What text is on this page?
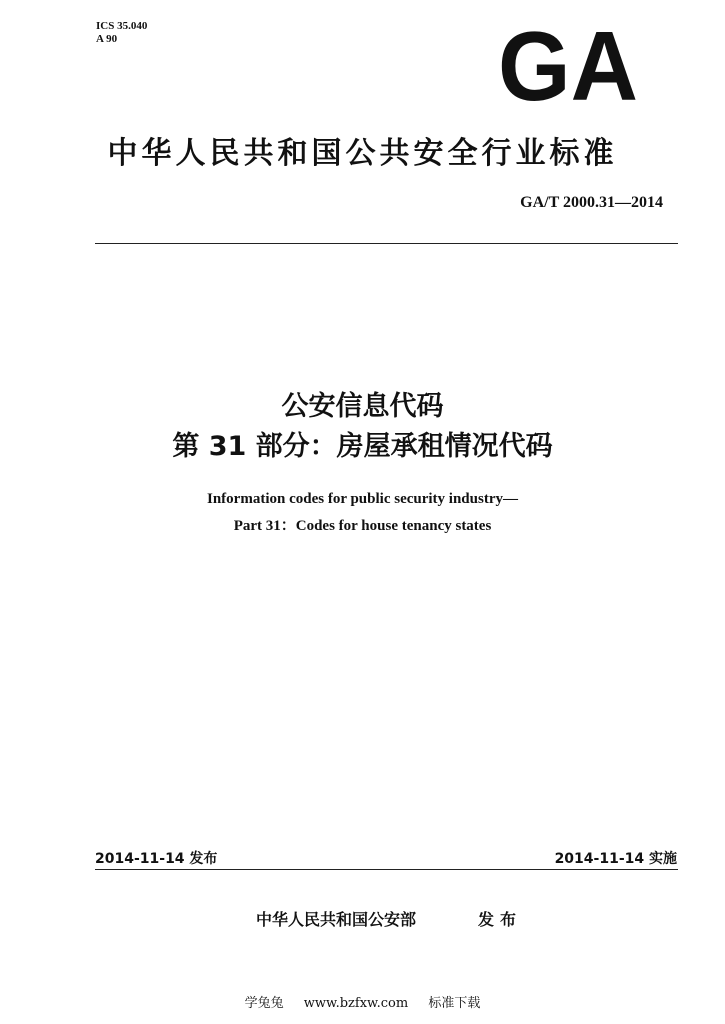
ICS 35.040
A 90	GA
中华人民共和国公共安全行业标准
GA/T 2000.31—2014
公安信息代码
第 31 部分：房屋承租情况代码
Information codes for public security industry—
Part 31：Codes for house tenancy states
2014-11-14 发布	2014-11-14 实施
中华人民共和国公安部	发布
学兔兔 www.bzfxw.com 标准下载
